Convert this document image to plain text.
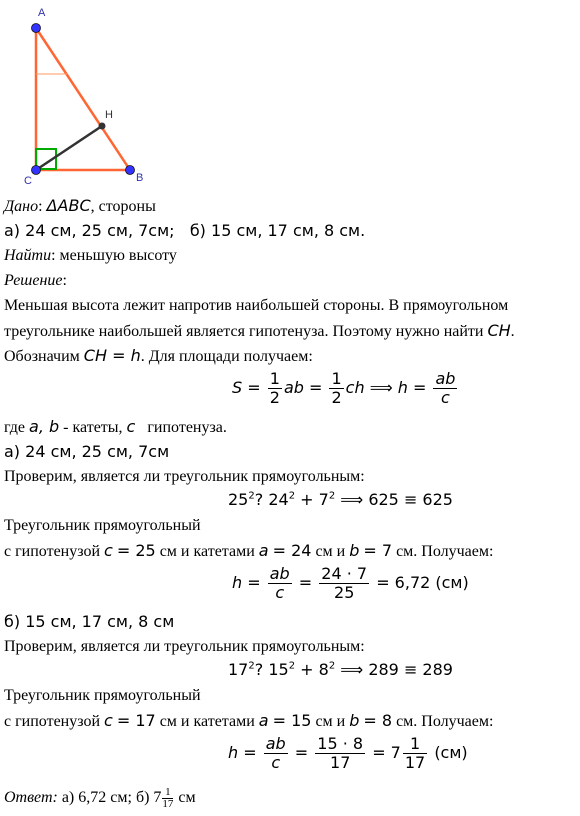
A
H
C	B
Дано: ΔABC, стороны
а) 24 см, 25 см, 7см; б) 15 см, 17 см, 8 см.
Найти: меньшую высоту
Решение:
Меньшая высота лежит напротив наибольшей стороны. В прямоугольном
треугольнике наибольшей является гипотенуза. Поэтому нужно найти CH.
Обозначим CH = h. Для площади получаем:
$S = \frac{1}{2}$ ab = $\frac{1}{2}$ ch ⟹ $h = \frac{ab}{c}$
где a, b - катеты, c гипотенуза.
а) 24 см, 25 см, 7см
Проверим, является ли треугольник прямоугольным:
$25^2$? $24^2 + 7^2$ ⟹ 625 ≡ 625
Треугольник прямоугольный
с гипотенузой c = 25 см и катетами a = 24 см и b = 7 см. Получаем:
$h = \frac{ab}{c} = \frac{24 \cdot 7}{25} = 6,72$ (см)
б) 15 см, 17 см, 8 см
Проверим, является ли треугольник прямоугольным:
$17^2$? $15^2 + 8^2$ ⟹ 289 ≡ 289
Треугольник прямоугольный
с гипотенузой c = 17 см и катетами a = 15 см и b = 8 см. Получаем:
$h = \frac{ab}{c} = \frac{15 \cdot 8}{17} = 7 \frac{1}{17} (см)$
Ответ: а) 6,72 см; б) $7 \frac{1}{17}$ см
